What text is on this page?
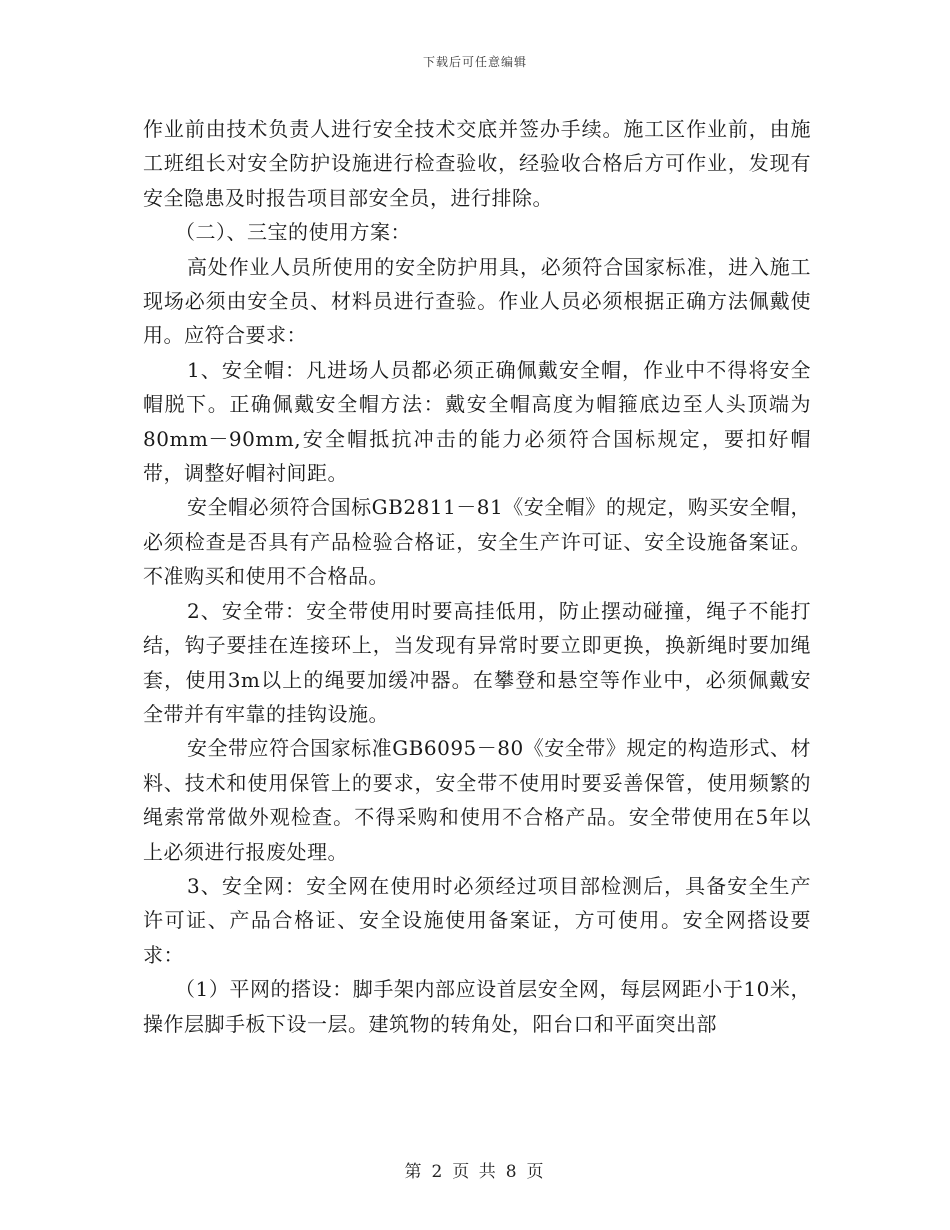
下载后可任意编辑

作业前由技术负责人进行安全技术交底并签办手续。施工区作业前，由施工班组长对安全防护设施进行检查验收，经验收合格后方可作业，发现有安全隐患及时报告项目部安全员，进行排除。

（二）、三宝的使用方案：

高处作业人员所使用的安全防护用具，必须符合国家标准，进入施工现场必须由安全员、材料员进行查验。作业人员必须根据正确方法佩戴使用。应符合要求：

1、安全帽：凡进场人员都必须正确佩戴安全帽，作业中不得将安全帽脱下。正确佩戴安全帽方法：戴安全帽高度为帽箍底边至人头顶端为80mm－90mm,安全帽抵抗冲击的能力必须符合国标规定，要扣好帽带，调整好帽衬间距。

安全帽必须符合国标GB2811－81《安全帽》的规定，购买安全帽，必须检查是否具有产品检验合格证，安全生产许可证、安全设施备案证。不准购买和使用不合格品。

2、安全带：安全带使用时要高挂低用，防止摆动碰撞，绳子不能打结，钩子要挂在连接环上，当发现有异常时要立即更换，换新绳时要加绳套，使用3m以上的绳要加缓冲器。在攀登和悬空等作业中，必须佩戴安全带并有牢靠的挂钩设施。

安全带应符合国家标准GB6095－80《安全带》规定的构造形式、材料、技术和使用保管上的要求，安全带不使用时要妥善保管，使用频繁的绳索常常做外观检查。不得采购和使用不合格产品。安全带使用在5年以上必须进行报废处理。

3、安全网：安全网在使用时必须经过项目部检测后，具备安全生产许可证、产品合格证、安全设施使用备案证，方可使用。安全网搭设要求：

（1）平网的搭设：脚手架内部应设首层安全网，每层网距小于10米，操作层脚手板下设一层。建筑物的转角处，阳台口和平面突出部

第 2 页 共 8 页
